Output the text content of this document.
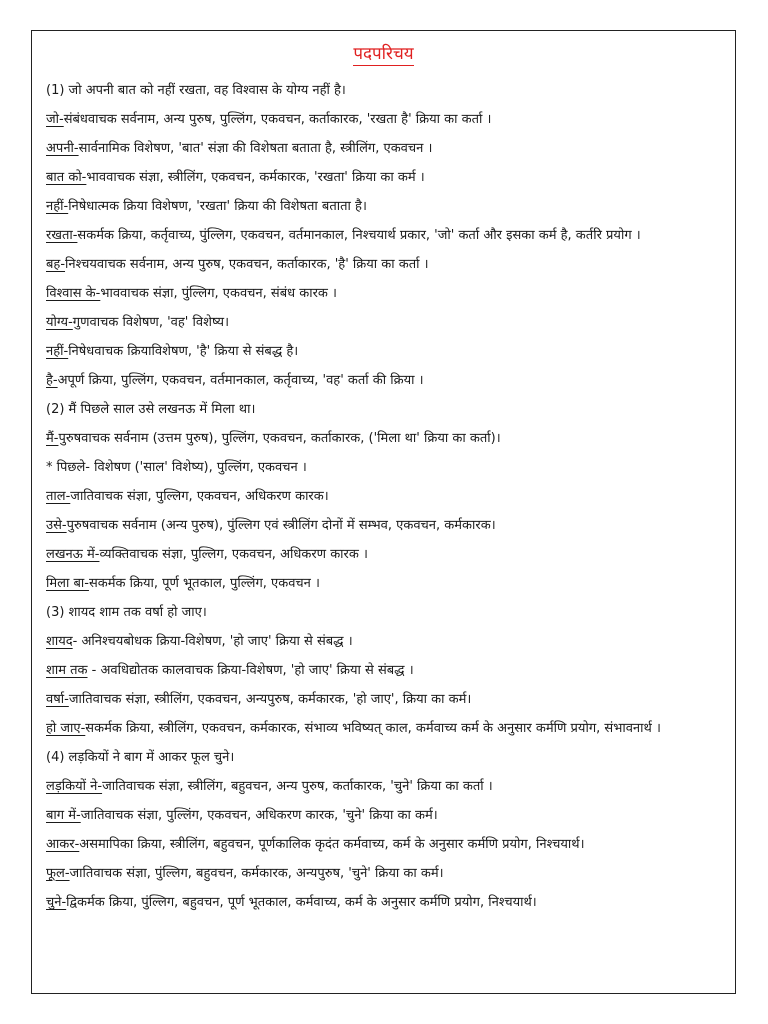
पदपरिचय
(1) जो अपनी बात को नहीं रखता, वह विश्वास के योग्य नहीं है।
जो-संबंधवाचक सर्वनाम, अन्य पुरुष, पुल्लिंग, एकवचन, कर्ताकारक, 'रखता है' क्रिया का कर्ता ।
अपनी-सार्वनामिक विशेषण, 'बात' संज्ञा की विशेषता बताता है, स्त्रीलिंग, एकवचन ।
बात को-भाववाचक संज्ञा, स्त्रीलिंग, एकवचन, कर्मकारक, 'रखता' क्रिया का कर्म ।
नहीं-निषेधात्मक क्रिया विशेषण, 'रखता' क्रिया की विशेषता बताता है।
रखता-सकर्मक क्रिया, कर्तृवाच्य, पुंल्लिग, एकवचन, वर्तमानकाल, निश्चयार्थ प्रकार, 'जो' कर्ता और इसका कर्म है, कर्तरि प्रयोग ।
बह-निश्चयवाचक सर्वनाम, अन्य पुरुष, एकवचन, कर्ताकारक, 'है' क्रिया का कर्ता ।
विश्वास के-भाववाचक संज्ञा, पुंल्लिग, एकवचन, संबंध कारक ।
योग्य-गुणवाचक विशेषण, 'वह' विशेष्य।
नहीं-निषेधवाचक क्रियाविशेषण, 'है' क्रिया से संबद्ध है।
है-अपूर्ण क्रिया, पुल्लिंग, एकवचन, वर्तमानकाल, कर्तृवाच्य, 'वह' कर्ता की क्रिया ।
(2) मैं पिछले साल उसे लखनऊ में मिला था।
मैं-पुरुषवाचक सर्वनाम (उत्तम पुरुष), पुल्लिंग, एकवचन, कर्ताकारक, ('मिला था' क्रिया का कर्ता)।
* पिछले- विशेषण ('साल' विशेष्य), पुल्लिंग, एकवचन ।
ताल-जातिवाचक संज्ञा, पुल्लिग, एकवचन, अधिकरण कारक।
उसे-पुरुषवाचक सर्वनाम (अन्य पुरुष), पुंल्लिग एवं स्त्रीलिंग दोनों में सम्भव, एकवचन, कर्मकारक।
लखनऊ में-व्यक्तिवाचक संज्ञा, पुल्लिग, एकवचन, अधिकरण कारक ।
मिला बा-सकर्मक क्रिया, पूर्ण भूतकाल, पुल्लिंग, एकवचन ।
(3) शायद शाम तक वर्षा हो जाए।
शायद- अनिश्चयबोधक क्रिया-विशेषण, 'हो जाए' क्रिया से संबद्ध ।
शाम तक - अवधिद्योतक कालवाचक क्रिया-विशेषण, 'हो जाए' क्रिया से संबद्ध ।
वर्षा-जातिवाचक संज्ञा, स्त्रीलिंग, एकवचन, अन्यपुरुष, कर्मकारक, 'हो जाए', क्रिया का कर्म।
हो जाए-सकर्मक क्रिया, स्त्रीलिंग, एकवचन, कर्मकारक, संभाव्य भविष्यत् काल, कर्मवाच्य कर्म के अनुसार कर्मणि प्रयोग, संभावनार्थ ।
(4) लड़कियों ने बाग में आकर फूल चुने।
लड़कियों ने-जातिवाचक संज्ञा, स्त्रीलिंग, बहुवचन, अन्य पुरुष, कर्ताकारक, 'चुने' क्रिया का कर्ता ।
बाग में-जातिवाचक संज्ञा, पुल्लिंग, एकवचन, अधिकरण कारक, 'चुने' क्रिया का कर्म।
आकर-असमापिका क्रिया, स्त्रीलिंग, बहुवचन, पूर्णकालिक कृदंत कर्मवाच्य, कर्म के अनुसार कर्मणि प्रयोग, निश्चयार्थ।
फूल-जातिवाचक संज्ञा, पुंल्लिग, बहुवचन, कर्मकारक, अन्यपुरुष, 'चुने' क्रिया का कर्म।
चुने-द्विकर्मक क्रिया, पुंल्लिग, बहुवचन, पूर्ण भूतकाल, कर्मवाच्य, कर्म के अनुसार कर्मणि प्रयोग, निश्चयार्थ।
